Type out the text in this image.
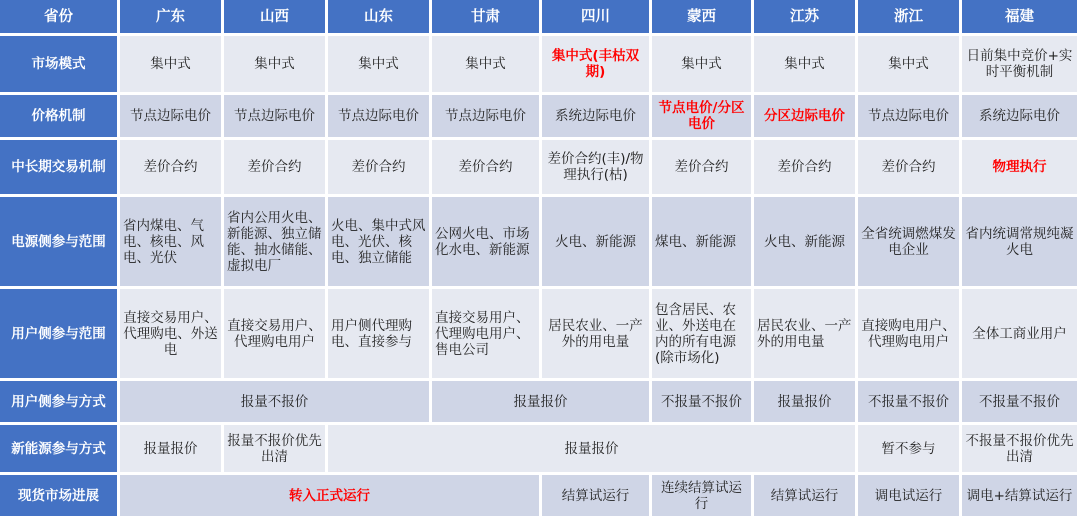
省份	广东	山西	山东	甘肃	四川	蒙西	江苏	浙江	福建
市场模式	集中式	集中式	集中式	集中式	集中式(丰枯双期)	集中式	集中式	集中式	日前集中竞价+实时平衡机制
价格机制	节点边际电价	节点边际电价	节点边际电价	节点边际电价	系统边际电价	节点电价/分区电价	分区边际电价	节点边际电价	系统边际电价
中长期交易机制	差价合约	差价合约	差价合约	差价合约	差价合约(丰)/物理执行(枯)	差价合约	差价合约	差价合约	物理执行
电源侧参与范围	省内煤电、气电、核电、风电、光伏	省内公用火电、新能源、独立储能、抽水储能、虚拟电厂	火电、集中式风电、光伏、核电、独立储能	公网火电、市场化水电、新能源	火电、新能源	煤电、新能源	火电、新能源	全省统调燃煤发电企业	省内统调常规纯凝火电
用户侧参与范围	直接交易用户、代理购电、外送电	直接交易用户、代理购电用户	用户侧代理购电、直接参与	直接交易用户、代理购电用户、售电公司	居民农业、一产外的用电量	包含居民、农业、外送电在内的所有电源(除市场化)	居民农业、一产外的用电量	直接购电用户、代理购电用户	全体工商业用户
用户侧参与方式	报量不报价			报量报价		不报量不报价	报量报价	不报量不报价	不报量不报价
新能源参与方式	报量报价	报量不报价优先出清	报量报价					暂不参与	不报量不报价优先出清
现货市场进展	转入正式运行				结算试运行	连续结算试运行	结算试运行	调电试运行	调电+结算试运行
